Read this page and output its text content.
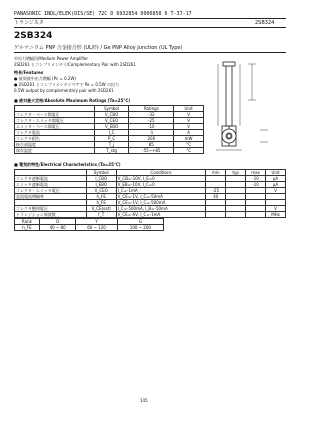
PANASONIC INDL/ELEK(DIS/SE) 72C D 6932854 0006858 6 T-37-17
トランジスタ	2SB324
2SB324
ゲルマニウム PNP 合金接合形 (UL形) / Ge PNP Alloy Junction (UL Type)
中出力増幅用/Medium Power Amplifier
2SD261 とコンプリメンタリ/Complementary Pair with 2SD261
特長/Features
● 低周波中出力増幅 (Pc = 0.2W)
● 2SD261 とコンプリメンタリペアで Po = 0.5W の出力
0.5W output by complementary pair with 2SD261
■ 絶対最大定格/Absolute Maximum Ratings (Ta=25°C)
	Symbol	Ratings	Unit
コレクタ・ベース間電圧	V_CBO	-32	V
コレクタ・エミッタ間電圧	V_CEO	-25	V
エミッタ・ベース間電圧	V_EBO	-10	V
コレクタ電流	I_C	-1	A
コレクタ損失	P_C	200	mW
接合部温度	T_j	85	°C
保存温度	T_stg	-55~+85	°C
■ 電気的特性/Electrical Characteristics (Ta=25°C)
	Symbol	Conditions	min	typ	max	Unit
コレクタ遮断電流	I_CBO	V_CB=-10V, I_E=0			-10	μA
エミッタ遮断電流	I_EBO	V_EB=-10V, I_C=0			-10	μA
コレクタ・エミッタ電圧	V_CEO	I_C=-1mA	-25			V
直流電流増幅率	h_FE	V_CE=-1V, I_C=-50mA	40			
	h_FE	V_CE=-1V, I_C=-500mA				
コレクタ飽和電圧	V_CE(sat)	I_C=-500mA, I_B=-50mA				V
トランジション周波数	f_T	V_CE=-6V, I_C=-1mA				MHz
Rank	O	Y	G
h_FE	40 ~ 80	60 ~ 120	100 ~ 200
145
